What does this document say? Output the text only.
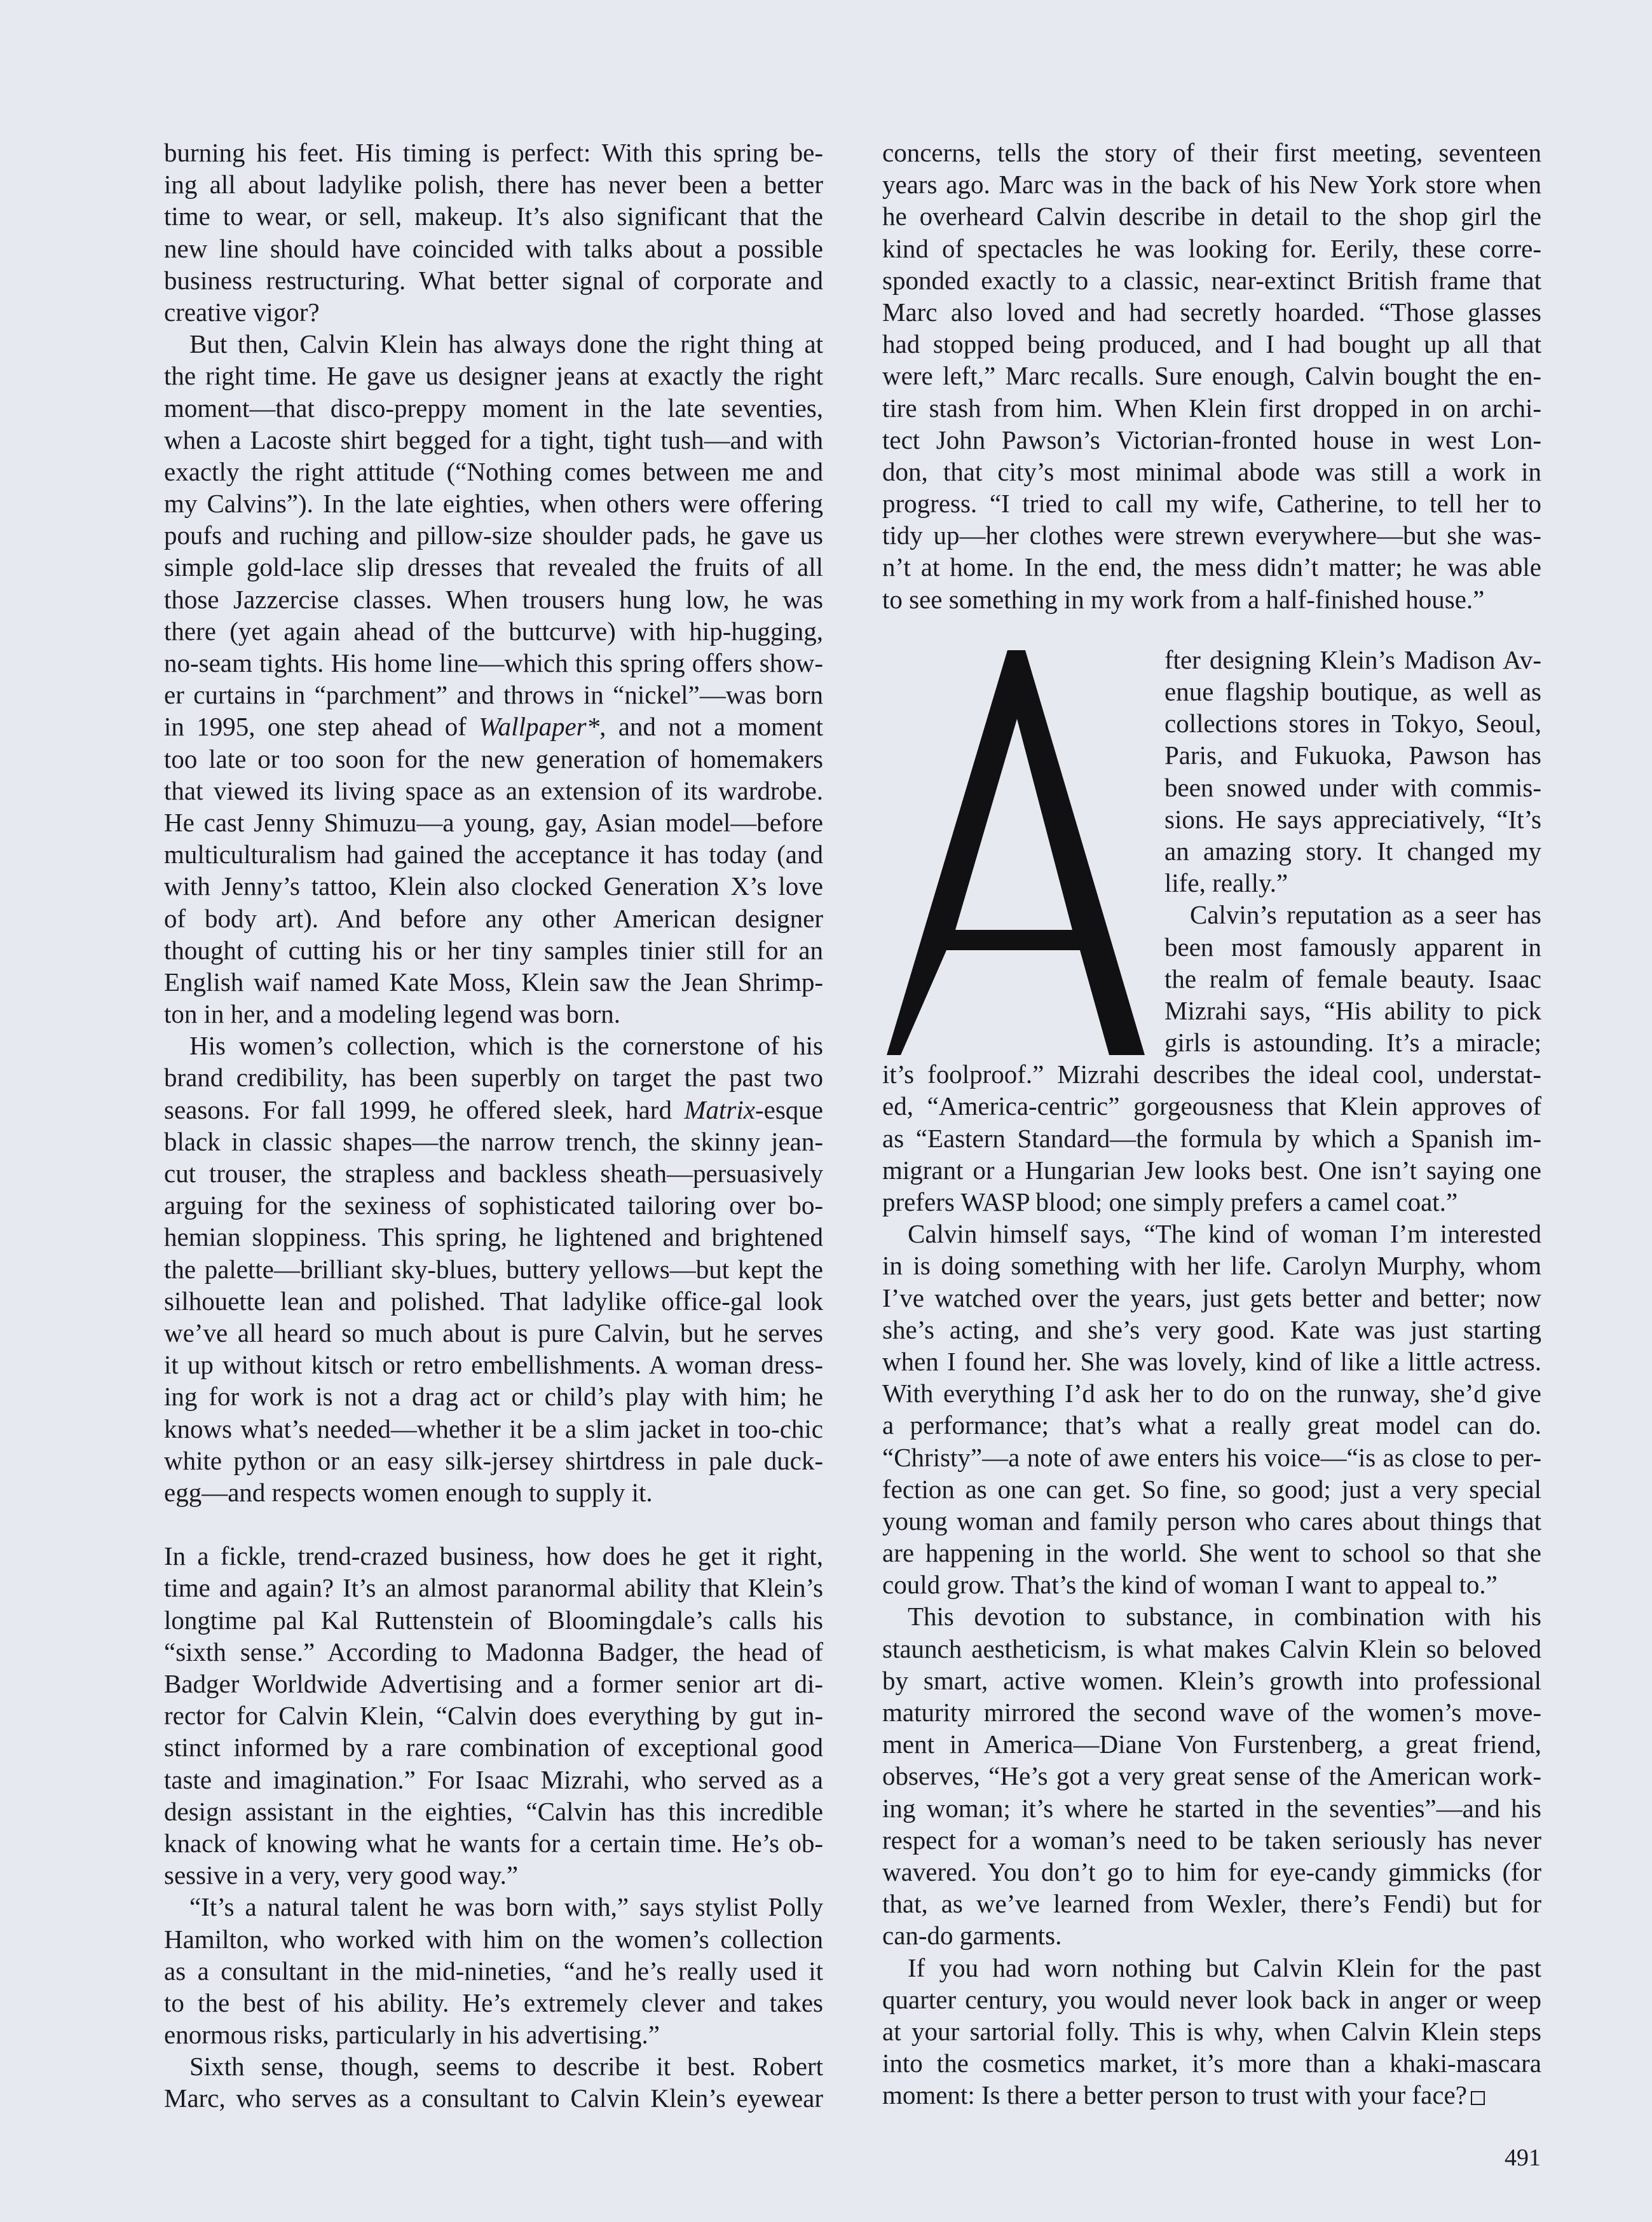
burning his feet. His timing is perfect: With this spring be-
ing all about ladylike polish, there has never been a better
time to wear, or sell, makeup. It’s also significant that the
new line should have coincided with talks about a possible
business restructuring. What better signal of corporate and
creative vigor?
But then, Calvin Klein has always done the right thing at
the right time. He gave us designer jeans at exactly the right
moment—that disco-preppy moment in the late seventies,
when a Lacoste shirt begged for a tight, tight tush—and with
exactly the right attitude (“Nothing comes between me and
my Calvins”). In the late eighties, when others were offering
poufs and ruching and pillow-size shoulder pads, he gave us
simple gold-lace slip dresses that revealed the fruits of all
those Jazzercise classes. When trousers hung low, he was
there (yet again ahead of the buttcurve) with hip-hugging,
no-seam tights. His home line—which this spring offers show-
er curtains in “parchment” and throws in “nickel”—was born
in 1995, one step ahead of Wallpaper*, and not a moment
too late or too soon for the new generation of homemakers
that viewed its living space as an extension of its wardrobe.
He cast Jenny Shimuzu—a young, gay, Asian model—before
multiculturalism had gained the acceptance it has today (and
with Jenny’s tattoo, Klein also clocked Generation X’s love
of body art). And before any other American designer
thought of cutting his or her tiny samples tinier still for an
English waif named Kate Moss, Klein saw the Jean Shrimp-
ton in her, and a modeling legend was born.
His women’s collection, which is the cornerstone of his
brand credibility, has been superbly on target the past two
seasons. For fall 1999, he offered sleek, hard Matrix-esque
black in classic shapes—the narrow trench, the skinny jean-
cut trouser, the strapless and backless sheath—persuasively
arguing for the sexiness of sophisticated tailoring over bo-
hemian sloppiness. This spring, he lightened and brightened
the palette—brilliant sky-blues, buttery yellows—but kept the
silhouette lean and polished. That ladylike office-gal look
we’ve all heard so much about is pure Calvin, but he serves
it up without kitsch or retro embellishments. A woman dress-
ing for work is not a drag act or child’s play with him; he
knows what’s needed—whether it be a slim jacket in too-chic
white python or an easy silk-jersey shirtdress in pale duck-
egg—and respects women enough to supply it.
In a fickle, trend-crazed business, how does he get it right,
time and again? It’s an almost paranormal ability that Klein’s
longtime pal Kal Ruttenstein of Bloomingdale’s calls his
“sixth sense.” According to Madonna Badger, the head of
Badger Worldwide Advertising and a former senior art di-
rector for Calvin Klein, “Calvin does everything by gut in-
stinct informed by a rare combination of exceptional good
taste and imagination.” For Isaac Mizrahi, who served as a
design assistant in the eighties, “Calvin has this incredible
knack of knowing what he wants for a certain time. He’s ob-
sessive in a very, very good way.”
“It’s a natural talent he was born with,” says stylist Polly
Hamilton, who worked with him on the women’s collection
as a consultant in the mid-nineties, “and he’s really used it
to the best of his ability. He’s extremely clever and takes
enormous risks, particularly in his advertising.”
Sixth sense, though, seems to describe it best. Robert
Marc, who serves as a consultant to Calvin Klein’s eyewear
concerns, tells the story of their first meeting, seventeen
years ago. Marc was in the back of his New York store when
he overheard Calvin describe in detail to the shop girl the
kind of spectacles he was looking for. Eerily, these corre-
sponded exactly to a classic, near-extinct British frame that
Marc also loved and had secretly hoarded. “Those glasses
had stopped being produced, and I had bought up all that
were left,” Marc recalls. Sure enough, Calvin bought the en-
tire stash from him. When Klein first dropped in on archi-
tect John Pawson’s Victorian-fronted house in west Lon-
don, that city’s most minimal abode was still a work in
progress. “I tried to call my wife, Catherine, to tell her to
tidy up—her clothes were strewn everywhere—but she was-
n’t at home. In the end, the mess didn’t matter; he was able
to see something in my work from a half-finished house.”
fter designing Klein’s Madison Av-
enue flagship boutique, as well as
collections stores in Tokyo, Seoul,
Paris, and Fukuoka, Pawson has
been snowed under with commis-
sions. He says appreciatively, “It’s
an amazing story. It changed my
life, really.”
Calvin’s reputation as a seer has
been most famously apparent in
the realm of female beauty. Isaac
Mizrahi says, “His ability to pick
girls is astounding. It’s a miracle;
it’s foolproof.” Mizrahi describes the ideal cool, understat-
ed, “America-centric” gorgeousness that Klein approves of
as “Eastern Standard—the formula by which a Spanish im-
migrant or a Hungarian Jew looks best. One isn’t saying one
prefers WASP blood; one simply prefers a camel coat.”
Calvin himself says, “The kind of woman I’m interested
in is doing something with her life. Carolyn Murphy, whom
I’ve watched over the years, just gets better and better; now
she’s acting, and she’s very good. Kate was just starting
when I found her. She was lovely, kind of like a little actress.
With everything I’d ask her to do on the runway, she’d give
a performance; that’s what a really great model can do.
“Christy”—a note of awe enters his voice—“is as close to per-
fection as one can get. So fine, so good; just a very special
young woman and family person who cares about things that
are happening in the world. She went to school so that she
could grow. That’s the kind of woman I want to appeal to.”
This devotion to substance, in combination with his
staunch aestheticism, is what makes Calvin Klein so beloved
by smart, active women. Klein’s growth into professional
maturity mirrored the second wave of the women’s move-
ment in America—Diane Von Furstenberg, a great friend,
observes, “He’s got a very great sense of the American work-
ing woman; it’s where he started in the seventies”—and his
respect for a woman’s need to be taken seriously has never
wavered. You don’t go to him for eye-candy gimmicks (for
that, as we’ve learned from Wexler, there’s Fendi) but for
can-do garments.
If you had worn nothing but Calvin Klein for the past
quarter century, you would never look back in anger or weep
at your sartorial folly. This is why, when Calvin Klein steps
into the cosmetics market, it’s more than a khaki-mascara
moment: Is there a better person to trust with your face?
491
